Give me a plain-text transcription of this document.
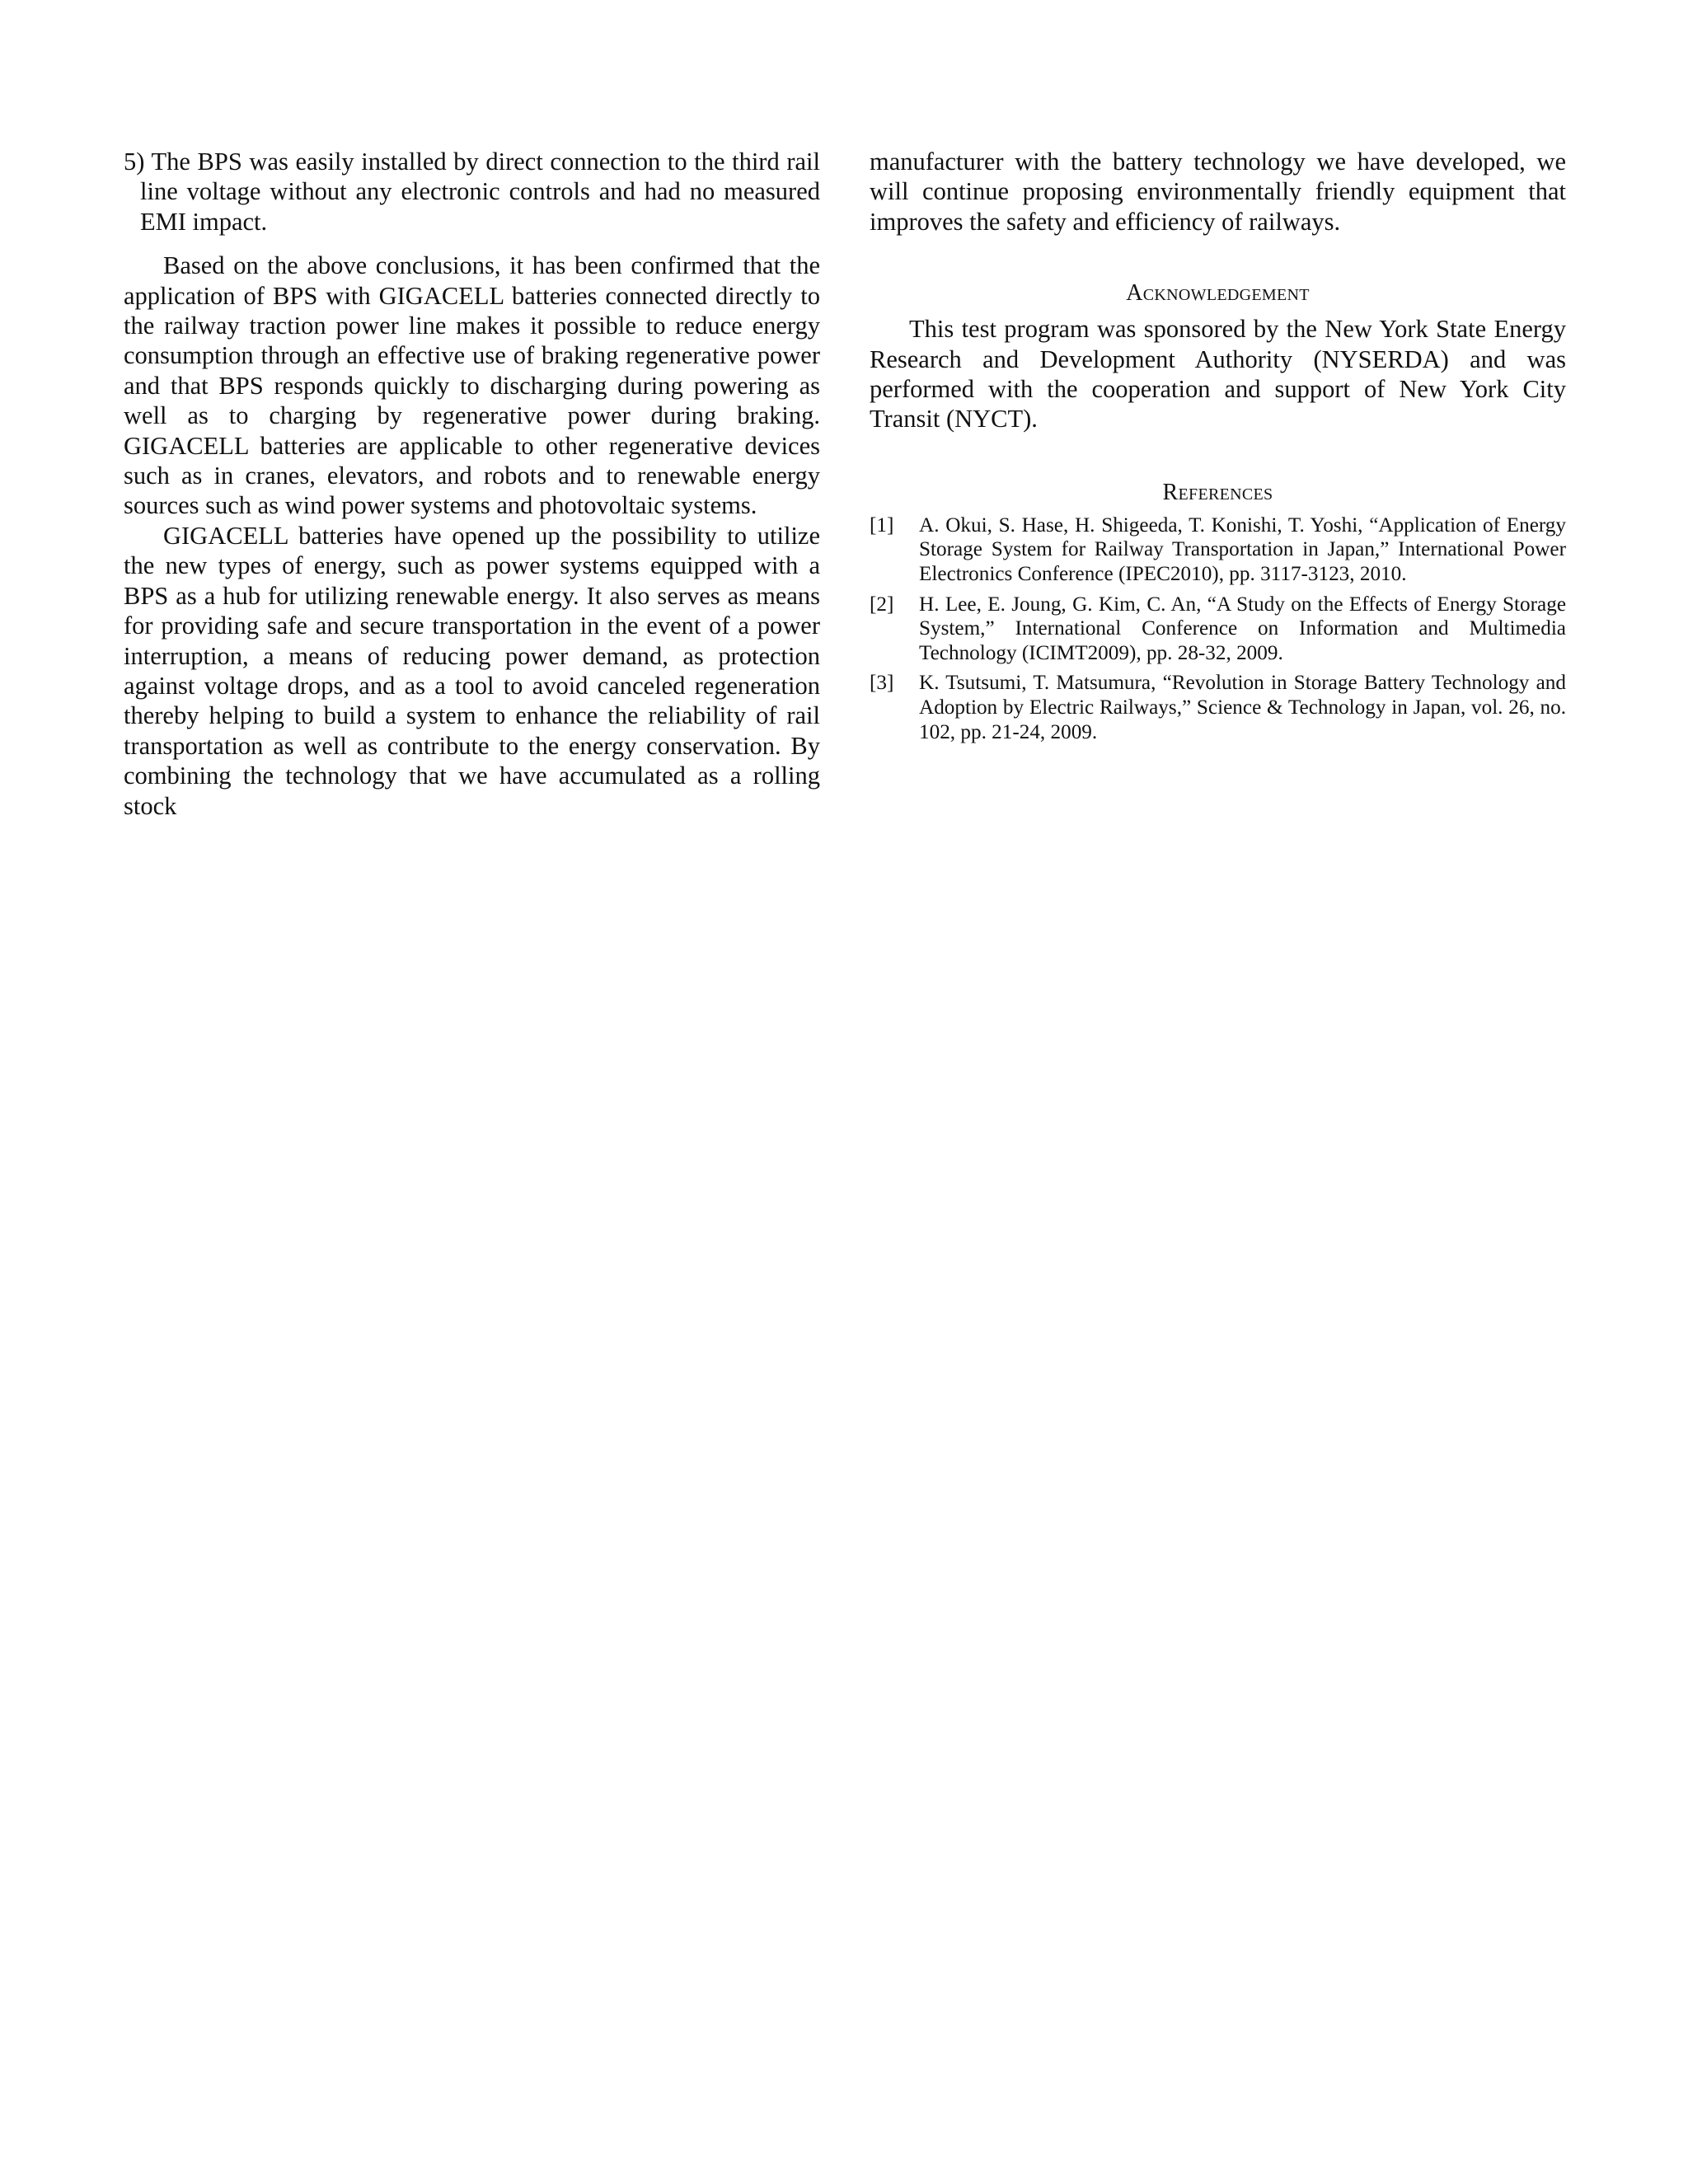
5) The BPS was easily installed by direct connection to the third rail line voltage without any electronic controls and had no measured EMI impact.

Based on the above conclusions, it has been confirmed that the application of BPS with GIGACELL batteries connected directly to the railway traction power line makes it possible to reduce energy consumption through an effective use of braking regenerative power and that BPS responds quickly to discharging during powering as well as to charging by regenerative power during braking. GIGACELL batteries are applicable to other regenerative devices such as in cranes, elevators, and robots and to renewable energy sources such as wind power systems and photovoltaic systems.

GIGACELL batteries have opened up the possibility to utilize the new types of energy, such as power systems equipped with a BPS as a hub for utilizing renewable energy. It also serves as means for providing safe and secure transportation in the event of a power interruption, a means of reducing power demand, as protection against voltage drops, and as a tool to avoid canceled regeneration thereby helping to build a system to enhance the reliability of rail transportation as well as contribute to the energy conservation. By combining the technology that we have accumulated as a rolling stock

manufacturer with the battery technology we have developed, we will continue proposing environmentally friendly equipment that improves the safety and efficiency of railways.

Acknowledgement

This test program was sponsored by the New York State Energy Research and Development Authority (NYSERDA) and was performed with the cooperation and support of New York City Transit (NYCT).

References
[1]	A. Okui, S. Hase, H. Shigeeda, T. Konishi, T. Yoshi, “Application of Energy Storage System for Railway Transportation in Japan,” International Power Electronics Conference (IPEC2010), pp. 3117-3123, 2010.
[2]	H. Lee, E. Joung, G. Kim, C. An, “A Study on the Effects of Energy Storage System,” International Conference on Information and Multimedia Technology (ICIMT2009), pp. 28-32, 2009.
[3]	K. Tsutsumi, T. Matsumura, “Revolution in Storage Battery Technology and Adoption by Electric Railways,” Science & Technology in Japan, vol. 26, no. 102, pp. 21-24, 2009.
